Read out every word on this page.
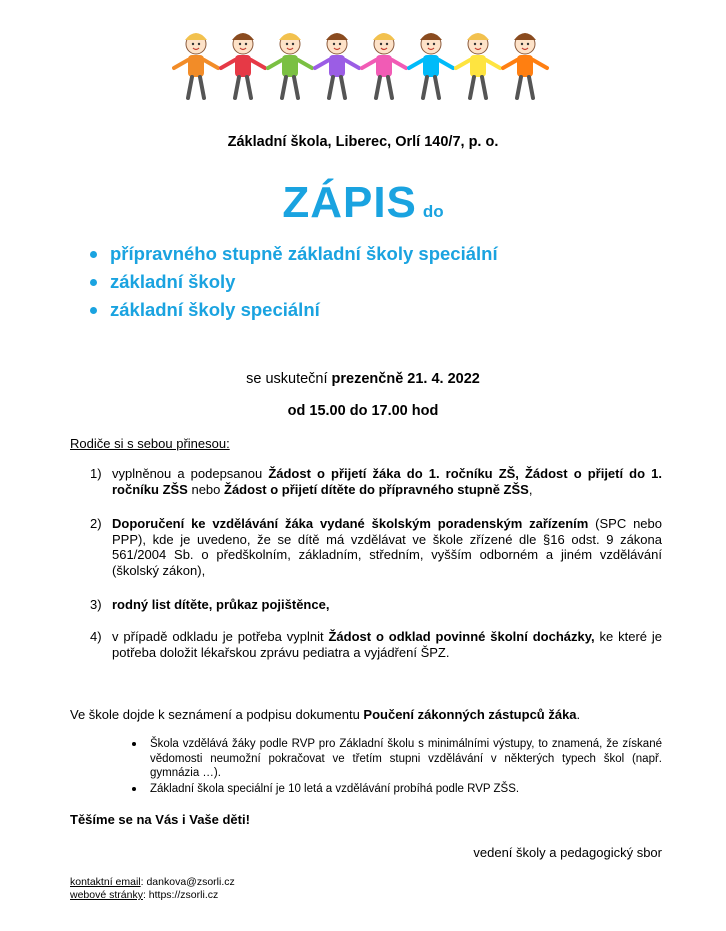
Základní škola, Liberec, Orlí 140/7, p. o.
ZÁPIS do
přípravného stupně základní školy speciální
základní školy
základní školy speciální
se uskuteční prezenčně 21. 4. 2022
od 15.00 do 17.00 hod
Rodiče si s sebou přinesou:
1) vyplněnou a podepsanou Žádost o přijetí žáka do 1. ročníku ZŠ, Žádost o přijetí do 1. ročníku ZŠS nebo Žádost o přijetí dítěte do přípravného stupně ZŠS,
2) Doporučení ke vzdělávání žáka vydané školským poradenským zařízením (SPC nebo PPP), kde je uvedeno, že se dítě má vzdělávat ve škole zřízené dle §16 odst. 9 zákona 561/2004 Sb. o předškolním, základním, středním, vyšším odborném a jiném vzdělávání (školský zákon),
3) rodný list dítěte, průkaz pojištěnce,
4) v případě odkladu je potřeba vyplnit Žádost o odklad povinné školní docházky, ke které je potřeba doložit lékařskou zprávu pediatra a vyjádření ŠPZ.
Ve škole dojde k seznámení a podpisu dokumentu Poučení zákonných zástupců žáka.
Škola vzdělává žáky podle RVP pro Základní školu s minimálními výstupy, to znamená, že získané vědomosti neumožní pokračovat ve třetím stupni vzdělávání v některých typech škol (např. gymnázia …).
Základní škola speciální je 10 letá a vzdělávání probíhá podle RVP ZŠS.
Těšíme se na Vás i Vaše děti!
vedení školy a pedagogický sbor
kontaktní email: dankova@zsorli.cz
webové stránky: https://zsorli.cz
